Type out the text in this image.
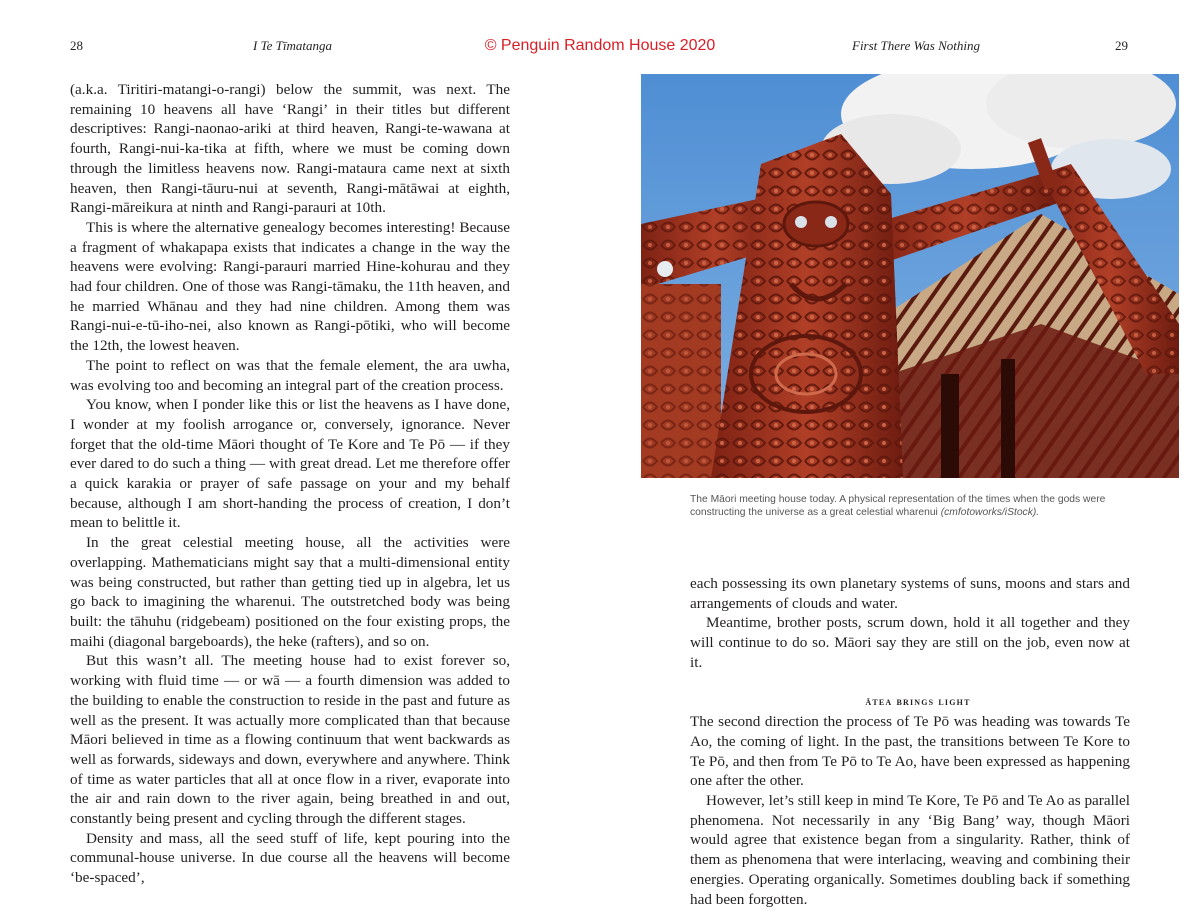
28	I Te Tīmatanga	© Penguin Random House 2020	First There Was Nothing	29

(a.k.a. Tiritiri-matangi-o-rangi) below the summit, was next. The remaining 10 heavens all have ‘Rangi’ in their titles but different descriptives: Rangi-naonao-ariki at third heaven, Rangi-te-wawana at fourth, Rangi-nui-ka-tika at fifth, where we must be coming down through the limitless heavens now. Rangi-mataura came next at sixth heaven, then Rangi-tāuru-nui at seventh, Rangi-mātāwai at eighth, Rangi-māreikura at ninth and Rangi-parauri at 10th.

This is where the alternative genealogy becomes interesting! Because a fragment of whakapapa exists that indicates a change in the way the heavens were evolving: Rangi-parauri married Hine-kohurau and they had four children. One of those was Rangi-tāmaku, the 11th heaven, and he married Whānau and they had nine children. Among them was Rangi-nui-e-tū-iho-nei, also known as Rangi-pōtiki, who will become the 12th, the lowest heaven.

The point to reflect on was that the female element, the ara uwha, was evolving too and becoming an integral part of the creation process.

You know, when I ponder like this or list the heavens as I have done, I wonder at my foolish arrogance or, conversely, ignorance. Never forget that the old-time Māori thought of Te Kore and Te Pō — if they ever dared to do such a thing — with great dread. Let me therefore offer a quick karakia or prayer of safe passage on your and my behalf because, although I am short-handing the process of creation, I don’t mean to belittle it.

In the great celestial meeting house, all the activities were overlapping. Mathematicians might say that a multi-dimensional entity was being constructed, but rather than getting tied up in algebra, let us go back to imagining the wharenui. The outstretched body was being built: the tāhuhu (ridgebeam) positioned on the four existing props, the maihi (diagonal bargeboards), the heke (rafters), and so on.

But this wasn’t all. The meeting house had to exist forever so, working with fluid time — or wā — a fourth dimension was added to the building to enable the construction to reside in the past and future as well as the present. It was actually more complicated than that because Māori believed in time as a flowing continuum that went backwards as well as forwards, sideways and down, everywhere and anywhere. Think of time as water particles that all at once flow in a river, evaporate into the air and rain down to the river again, being breathed in and out, constantly being present and cycling through the different stages.

Density and mass, all the seed stuff of life, kept pouring into the communal-house universe. In due course all the heavens will become ‘be-spaced’,

The Māori meeting house today. A physical representation of the times when the gods were constructing the universe as a great celestial wharenui (cmfotoworks/iStock).

each possessing its own planetary systems of suns, moons and stars and arrangements of clouds and water.

Meantime, brother posts, scrum down, hold it all together and they will continue to do so. Māori say they are still on the job, even now at it.

ātea brings light

The second direction the process of Te Pō was heading was towards Te Ao, the coming of light. In the past, the transitions between Te Kore to Te Pō, and then from Te Pō to Te Ao, have been expressed as happening one after the other.

However, let’s still keep in mind Te Kore, Te Pō and Te Ao as parallel phenomena. Not necessarily in any ‘Big Bang’ way, though Māori would agree that existence began from a singularity. Rather, think of them as phenomena that were interlacing, weaving and combining their energies. Operating organically. Sometimes doubling back if something had been forgotten.
